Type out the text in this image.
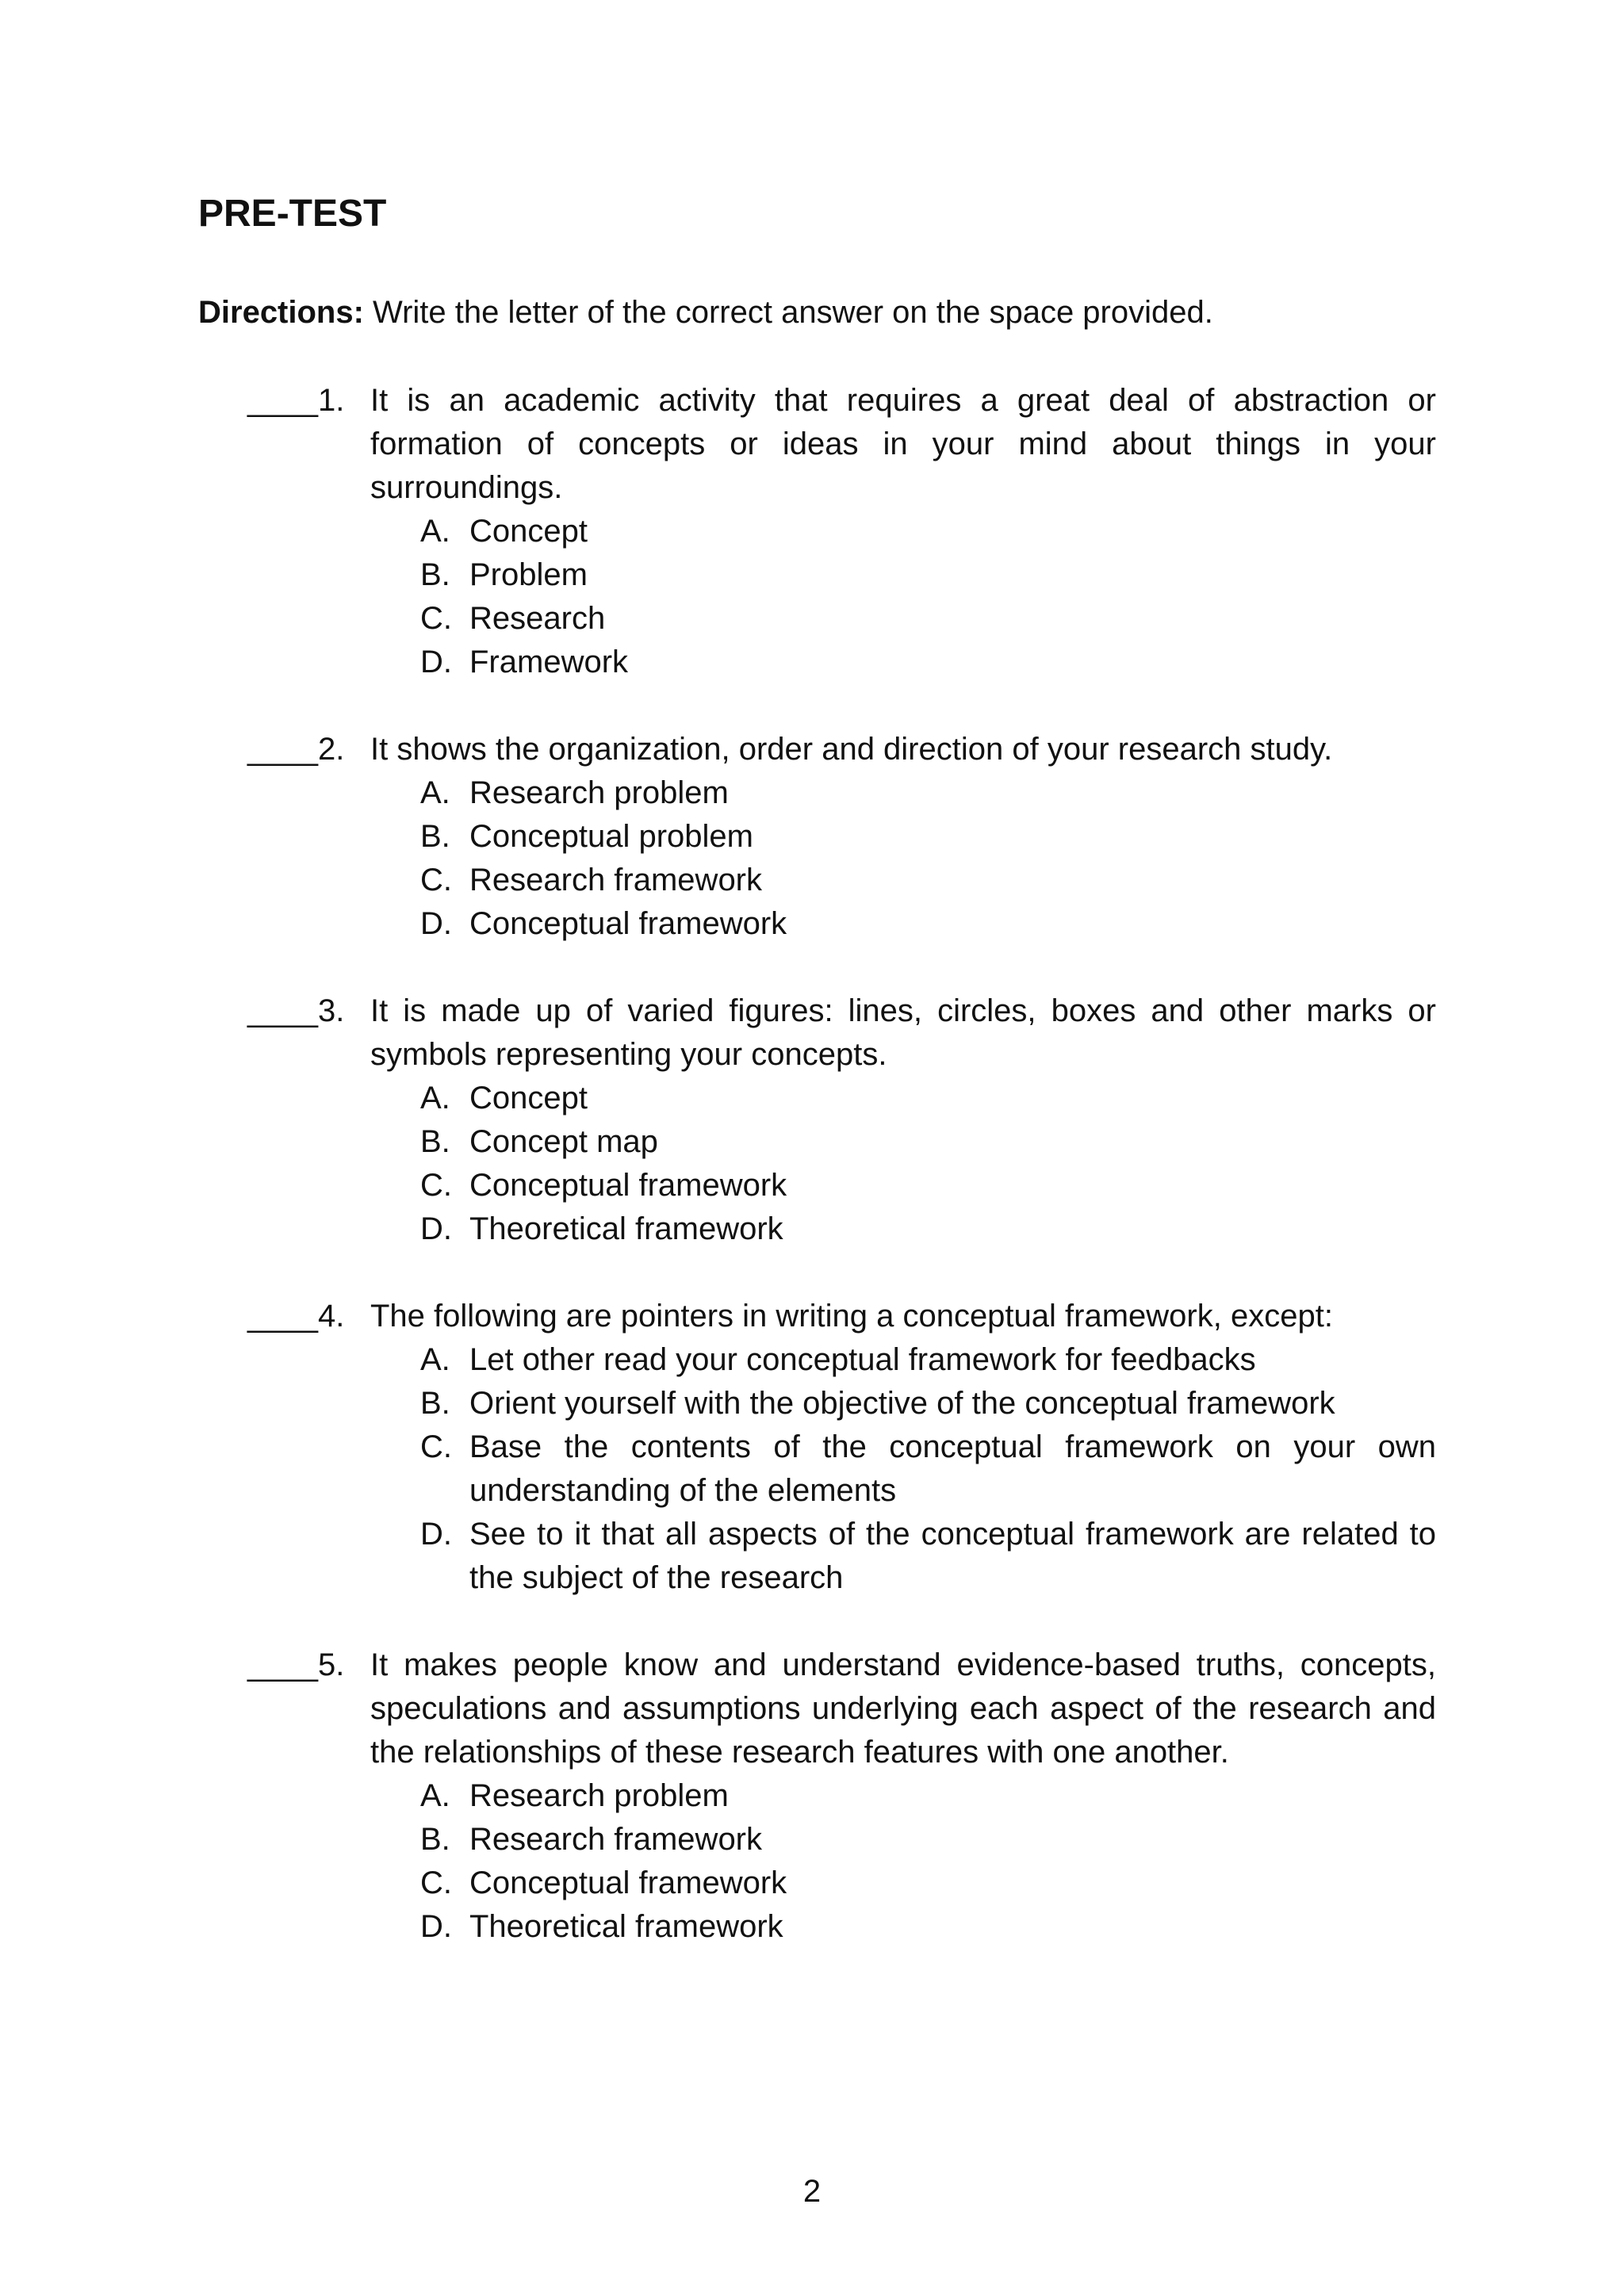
PRE-TEST
Directions: Write the letter of the correct answer on the space provided.
____1. It is an academic activity that requires a great deal of abstraction or formation of concepts or ideas in your mind about things in your surroundings.
A. Concept
B. Problem
C. Research
D. Framework
____2. It shows the organization, order and direction of your research study.
A. Research problem
B. Conceptual problem
C. Research framework
D. Conceptual framework
____3. It is made up of varied figures: lines, circles, boxes and other marks or symbols representing your concepts.
A. Concept
B. Concept map
C. Conceptual framework
D. Theoretical framework
____4. The following are pointers in writing a conceptual framework, except:
A. Let other read your conceptual framework for feedbacks
B. Orient yourself with the objective of the conceptual framework
C. Base the contents of the conceptual framework on your own understanding of the elements
D. See to it that all aspects of the conceptual framework are related to the subject of the research
____5. It makes people know and understand evidence-based truths, concepts, speculations and assumptions underlying each aspect of the research and the relationships of these research features with one another.
A. Research problem
B. Research framework
C. Conceptual framework
D. Theoretical framework
2
